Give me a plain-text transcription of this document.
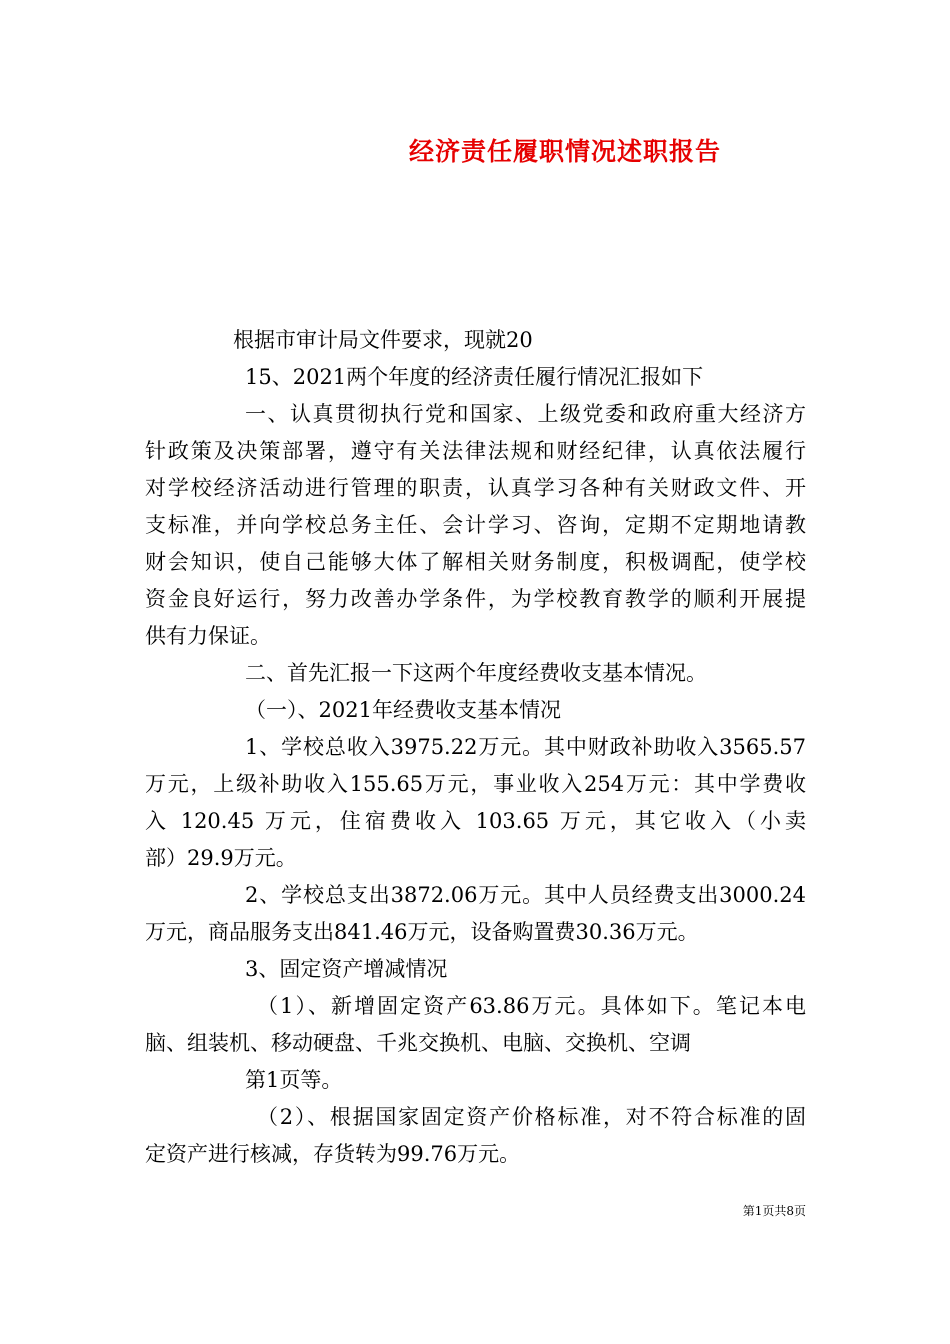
经济责任履职情况述职报告
根据市审计局文件要求，现就20
15、2021两个年度的经济责任履行情况汇报如下
一、认真贯彻执行党和国家、上级党委和政府重大经济方
针政策及决策部署，遵守有关法律法规和财经纪律，认真依法履行
对学校经济活动进行管理的职责，认真学习各种有关财政文件、开
支标准，并向学校总务主任、会计学习、咨询，定期不定期地请教
财会知识，使自己能够大体了解相关财务制度，积极调配，使学校
资金良好运行，努力改善办学条件，为学校教育教学的顺利开展提
供有力保证。
二、首先汇报一下这两个年度经费收支基本情况。
（一）、2021年经费收支基本情况
1、学校总收入3975.22万元。其中财政补助收入3565.57
万元，上级补助收入155.65万元，事业收入254万元：其中学费收
入 120.45 万元，住宿费收入 103.65 万元，其它收入（小卖
部）29.9万元。
2、学校总支出3872.06万元。其中人员经费支出3000.24
万元，商品服务支出841.46万元，设备购置费30.36万元。
3、固定资产增减情况
（1）、新增固定资产63.86万元。具体如下。笔记本电
脑、组装机、移动硬盘、千兆交换机、电脑、交换机、空调
第1页等。
（2）、根据国家固定资产价格标准，对不符合标准的固
定资产进行核减，存货转为99.76万元。
第1页共8页
